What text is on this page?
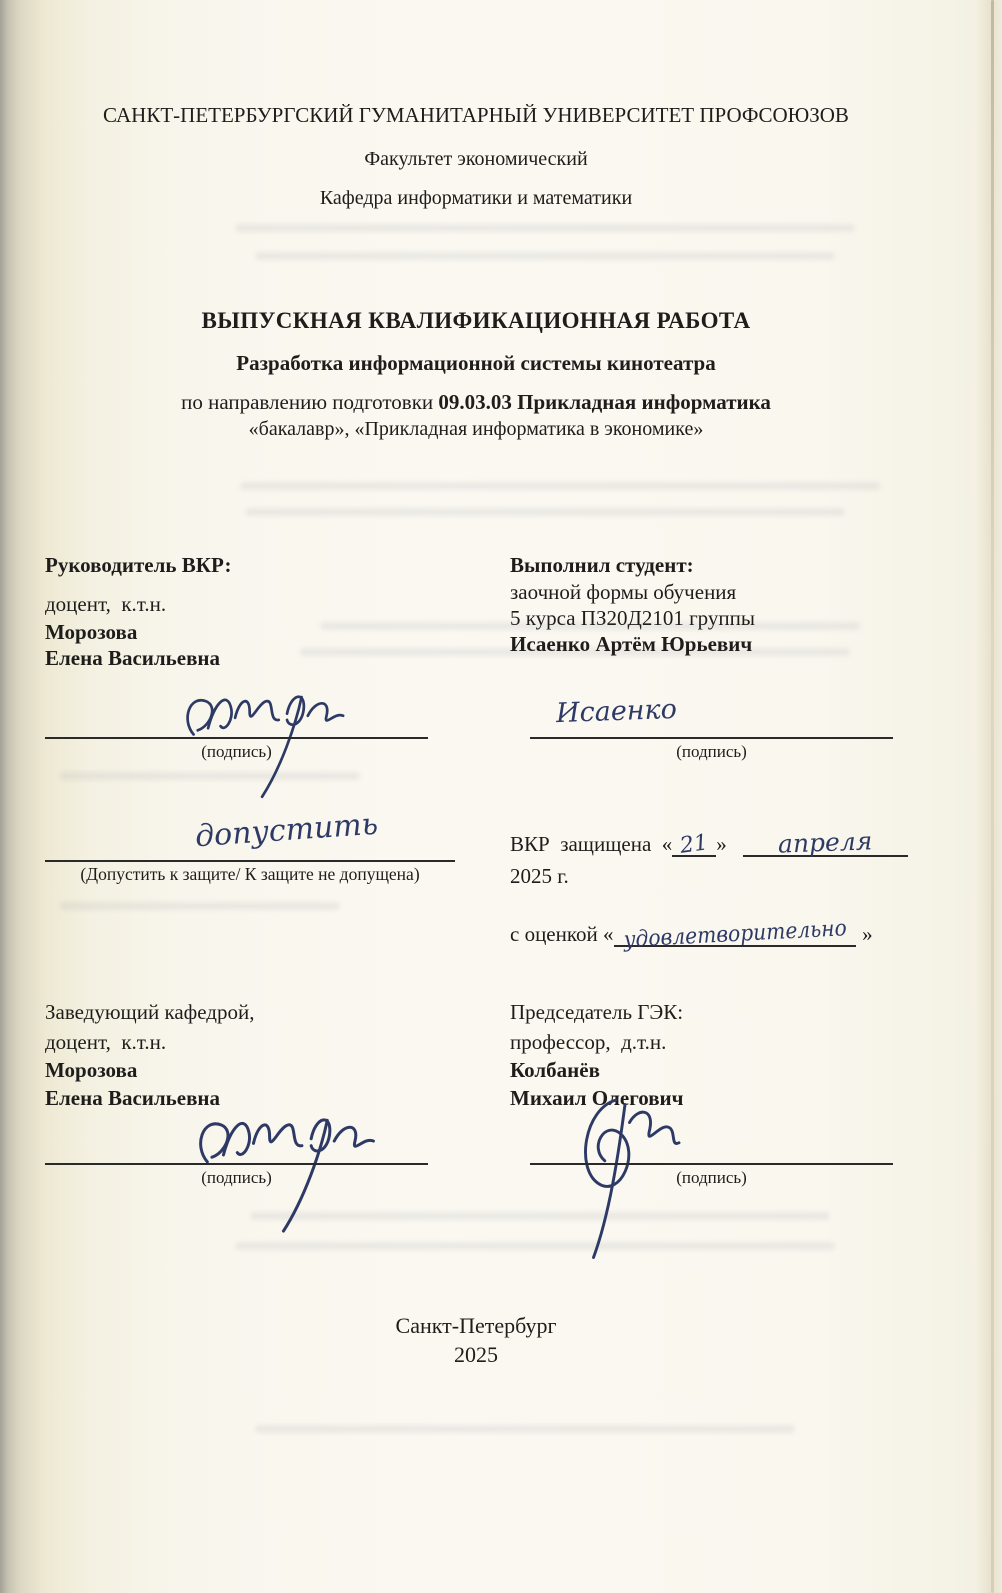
САНКТ-ПЕТЕРБУРГСКИЙ ГУМАНИТАРНЫЙ УНИВЕРСИТЕТ ПРОФСОЮЗОВ
Факультет экономический
Кафедра информатики и математики
ВЫПУСКНАЯ КВАЛИФИКАЦИОННАЯ РАБОТА
Разработка информационной системы кинотеатра
по направлению подготовки 09.03.03 Прикладная информатика
«бакалавр», «Прикладная информатика в экономике»
Руководитель ВКР:
доцент,  к.т.н.
Морозова
Елена Васильевна
Выполнил студент:
заочной формы обучения
5 курса ПЗ20Д2101 группы
Исаенко Артём Юрьевич
(подпись)
Исаенко
(подпись)
допустить
(Допустить к защите/ К защите не допущена)
ВКР  защищена  « 21 » апреля
2025 г.
с оценкой « удовлетворительно »
Заведующий кафедрой,
доцент,  к.т.н.
Морозова
Елена Васильевна
Председатель ГЭК:
профессор,  д.т.н.
Колбанёв
Михаил Олегович
(подпись)	(подпись)
Санкт-Петербург
2025
